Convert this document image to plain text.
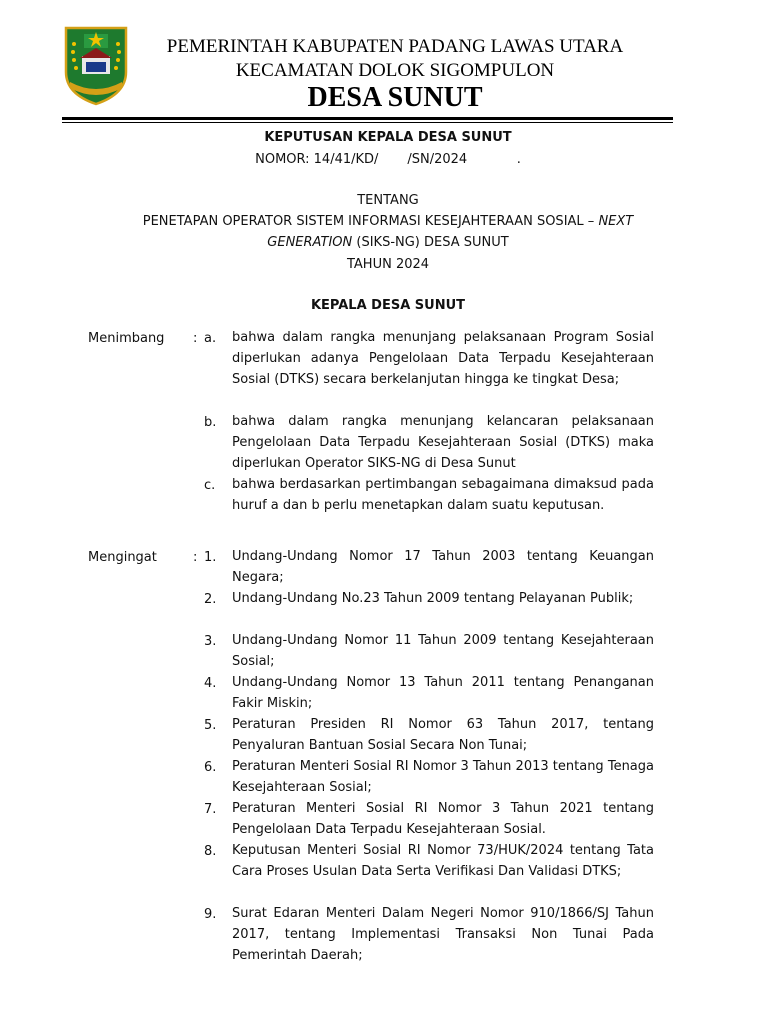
PEMERINTAH KABUPATEN PADANG LAWAS UTARA
KECAMATAN DOLOK SIGOMPULON
DESA SUNUT
KEPUTUSAN KEPALA DESA SUNUT
NOMOR: 14/41/KD/       /SN/2024            .
TENTANG
PENETAPAN OPERATOR SISTEM INFORMASI KESEJAHTERAAN SOSIAL – NEXT
GENERATION (SIKS-NG) DESA SUNUT
TAHUN 2024
KEPALA DESA SUNUT
Menimbang : a. bahwa dalam rangka menunjang pelaksanaan Program Sosial diperlukan adanya Pengelolaan Data Terpadu Kesejahteraan Sosial (DTKS) secara berkelanjutan hingga ke tingkat Desa;
b. bahwa dalam rangka menunjang kelancaran pelaksanaan Pengelolaan Data Terpadu Kesejahteraan Sosial (DTKS) maka diperlukan Operator SIKS-NG di Desa Sunut
c. bahwa berdasarkan pertimbangan sebagaimana dimaksud pada huruf a dan b perlu menetapkan dalam suatu keputusan.
Mengingat	: 1. Undang-Undang Nomor 17 Tahun 2003 tentang Keuangan Negara;
2. Undang-Undang No.23 Tahun 2009 tentang Pelayanan Publik;
3. Undang-Undang Nomor 11 Tahun 2009 tentang Kesejahteraan Sosial;
4. Undang-Undang Nomor 13 Tahun 2011 tentang Penanganan Fakir Miskin;
5. Peraturan Presiden RI Nomor 63 Tahun 2017, tentang Penyaluran Bantuan Sosial Secara Non Tunai;
6. Peraturan Menteri Sosial RI Nomor 3 Tahun 2013 tentang Tenaga Kesejahteraan Sosial;
7. Peraturan Menteri Sosial RI Nomor 3 Tahun 2021 tentang Pengelolaan Data Terpadu Kesejahteraan Sosial.
8. Keputusan Menteri Sosial RI Nomor 73/HUK/2024 tentang Tata Cara Proses Usulan Data Serta Verifikasi Dan Validasi DTKS;
9. Surat Edaran Menteri Dalam Negeri Nomor 910/1866/SJ Tahun 2017, tentang Implementasi Transaksi Non Tunai Pada Pemerintah Daerah;
